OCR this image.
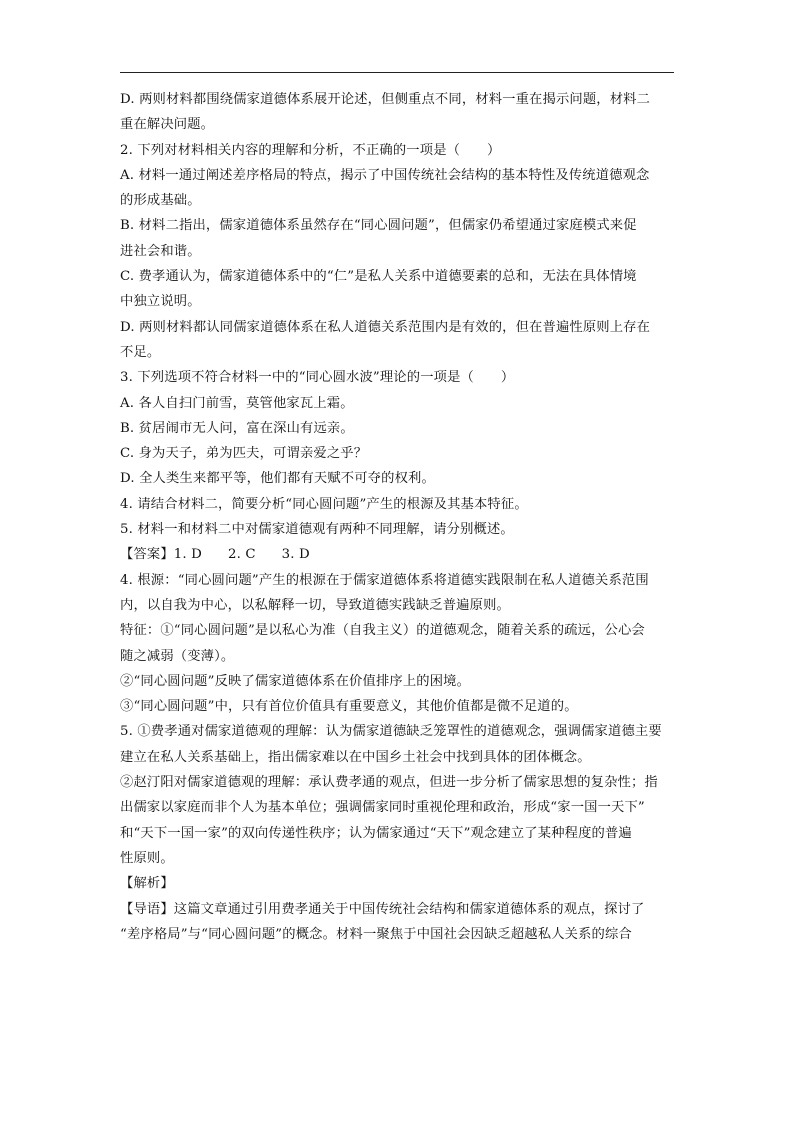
D. 两则材料都围绕儒家道德体系展开论述，但侧重点不同，材料一重在揭示问题，材料二
重在解决问题。
2. 下列对材料相关内容的理解和分析，不正确的一项是（　　）
A. 材料一通过阐述差序格局的特点，揭示了中国传统社会结构的基本特性及传统道德观念
的形成基础。
B. 材料二指出，儒家道德体系虽然存在“同心圆问题”，但儒家仍希望通过家庭模式来促
进社会和谐。
C. 费孝通认为，儒家道德体系中的“仁”是私人关系中道德要素的总和，无法在具体情境
中独立说明。
D. 两则材料都认同儒家道德体系在私人道德关系范围内是有效的，但在普遍性原则上存在
不足。
3. 下列选项不符合材料一中的“同心圆水波”理论的一项是（　　）
A. 各人自扫门前雪，莫管他家瓦上霜。
B. 贫居闹市无人问，富在深山有远亲。
C. 身为天子，弟为匹夫，可谓亲爱之乎？
D. 全人类生来都平等，他们都有天赋不可夺的权利。
4. 请结合材料二，简要分析“同心圆问题”产生的根源及其基本特征。
5. 材料一和材料二中对儒家道德观有两种不同理解，请分别概述。
【答案】1. D 2. C 3. D
4. 根源：“同心圆问题”产生的根源在于儒家道德体系将道德实践限制在私人道德关系范围
内，以自我为中心，以私解释一切，导致道德实践缺乏普遍原则。
特征：①“同心圆问题”是以私心为准（自我主义）的道德观念，随着关系的疏远，公心会
随之减弱（变薄）。
②“同心圆问题”反映了儒家道德体系在价值排序上的困境。
③“同心圆问题”中，只有首位价值具有重要意义，其他价值都是微不足道的。
5. ①费孝通对儒家道德观的理解：认为儒家道德缺乏笼罩性的道德观念，强调儒家道德主要
建立在私人关系基础上，指出儒家难以在中国乡土社会中找到具体的团体概念。
②赵汀阳对儒家道德观的理解：承认费孝通的观点，但进一步分析了儒家思想的复杂性；指
出儒家以家庭而非个人为基本单位；强调儒家同时重视伦理和政治，形成“家一国一天下”
和“天下一国一家”的双向传递性秩序；认为儒家通过“天下”观念建立了某种程度的普遍
性原则。
【解析】
【导语】这篇文章通过引用费孝通关于中国传统社会结构和儒家道德体系的观点，探讨了
“差序格局”与“同心圆问题”的概念。材料一聚焦于中国社会因缺乏超越私人关系的综合
